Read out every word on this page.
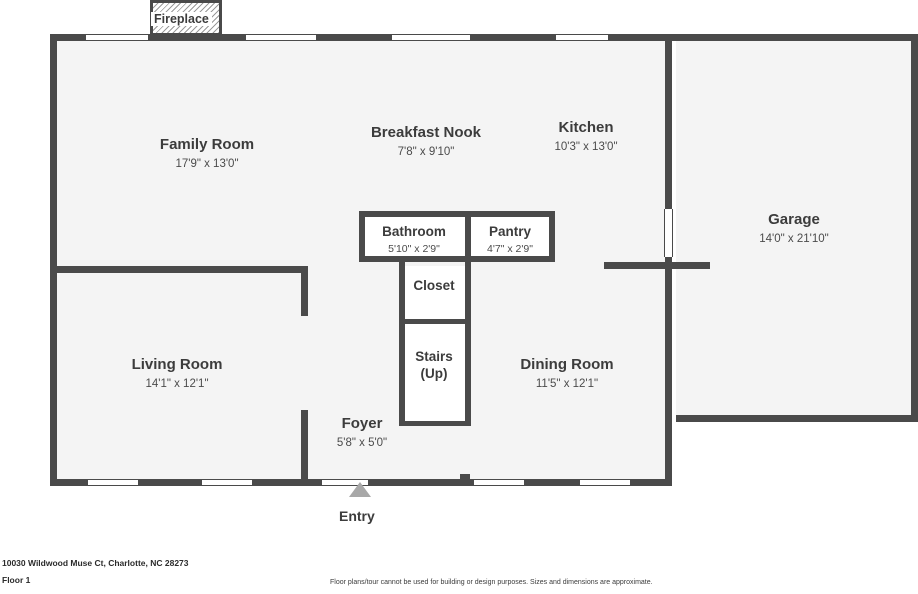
Fireplace
Family Room
17'9" x 13'0"
Breakfast Nook
7'8" x 9'10"
Kitchen
10'3" x 13'0"
Garage
14'0" x 21'10"
Bathroom
5'10" x 2'9"
Pantry
4'7" x 2'9"
Closet
Living Room
14'1" x 12'1"
Stairs
(Up)
Dining Room
11'5" x 12'1"
Foyer
5'8" x 5'0"
Entry
10030 Wildwood Muse Ct, Charlotte, NC 28273
Floor 1	Floor plans/tour cannot be used for building or design purposes. Sizes and dimensions are approximate.
